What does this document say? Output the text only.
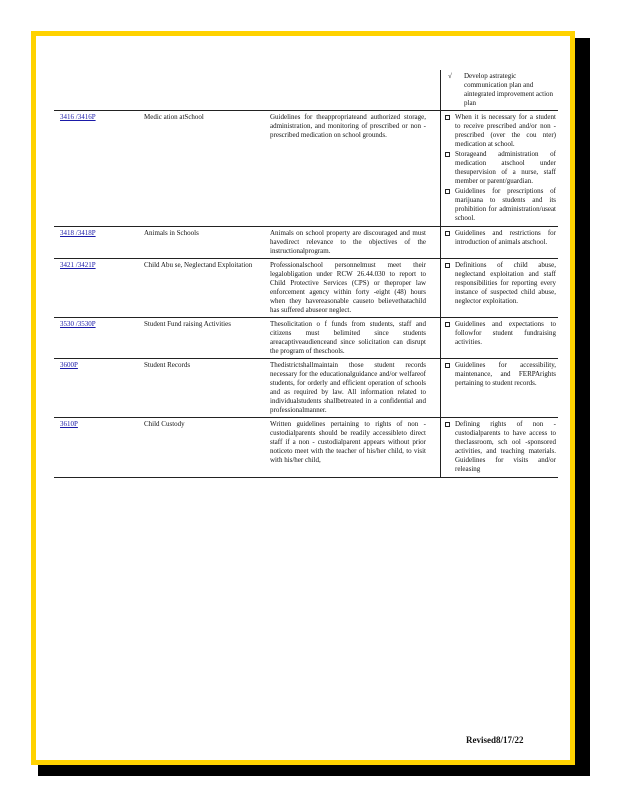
√ Develop astrategic communication plan and aintegrated improvement action plan
3416 /3416P	Medic ation atSchool	Guidelines for theappropriateand authorized storage, administration, and monitoring of prescribed or non - prescribed medication on school grounds.
When it is necessary for a student to receive prescribed and/or non - prescribed (over the cou nter) medication at school.
Storageand administration of medication atschool under thesupervision of a nurse, staff member or parent/guardian.
Guidelines for prescriptions of marijuana to students and its prohibition for administration/useat school.
3418 /3418P	Animals in Schools	Animals on school property are discouraged and must havedirect relevance to the objectives of the instructionalprogram.
Guidelines and restrictions for introduction of animals atschool.
3421 /3421P	Child Abu se, Neglectand Exploitation	Professionalschool personnelmust meet their legalobligation under RCW 26.44.030 to report to Child Protective Services (CPS) or theproper law enforcement agency within forty -eight (48) hours when they havereasonable causeto believethatachild has suffered abuseor neglect.
Definitions of child abuse, neglectand exploitation and staff responsibilities for reporting every instance of suspected child abuse, neglector exploitation.
3530 /3530P	Student Fund raising Activities	Thesolicitation o f funds from students, staff and citizens must belimited since students areacaptiveaudienceand since solicitation can disrupt the program of theschools.
Guidelines and expectations to followfor student fundraising activities.
3600P	Student Records	Thedistrictshallmaintain those student records necessary for the educationalguidance and/or welfareof students, for orderly and efficient operation of schools and as required by law. All information related to individualstudents shallbetreated in a confidential and professionalmanner.
Guidelines for accessibility, maintenance, and FERPArights pertaining to student records.
3610P	Child Custody	Written guidelines pertaining to rights of non - custodialparents should be readily accessibleto direct staff if a non - custodialparent appears without prior noticeto meet with the teacher of his/her child, to visit with his/her child,
Defining rights of non - custodialparents to have access to theclassroom, sch ool -sponsored activities, and teaching materials. Guidelines for visits and/or releasing
Revised8/17/22
